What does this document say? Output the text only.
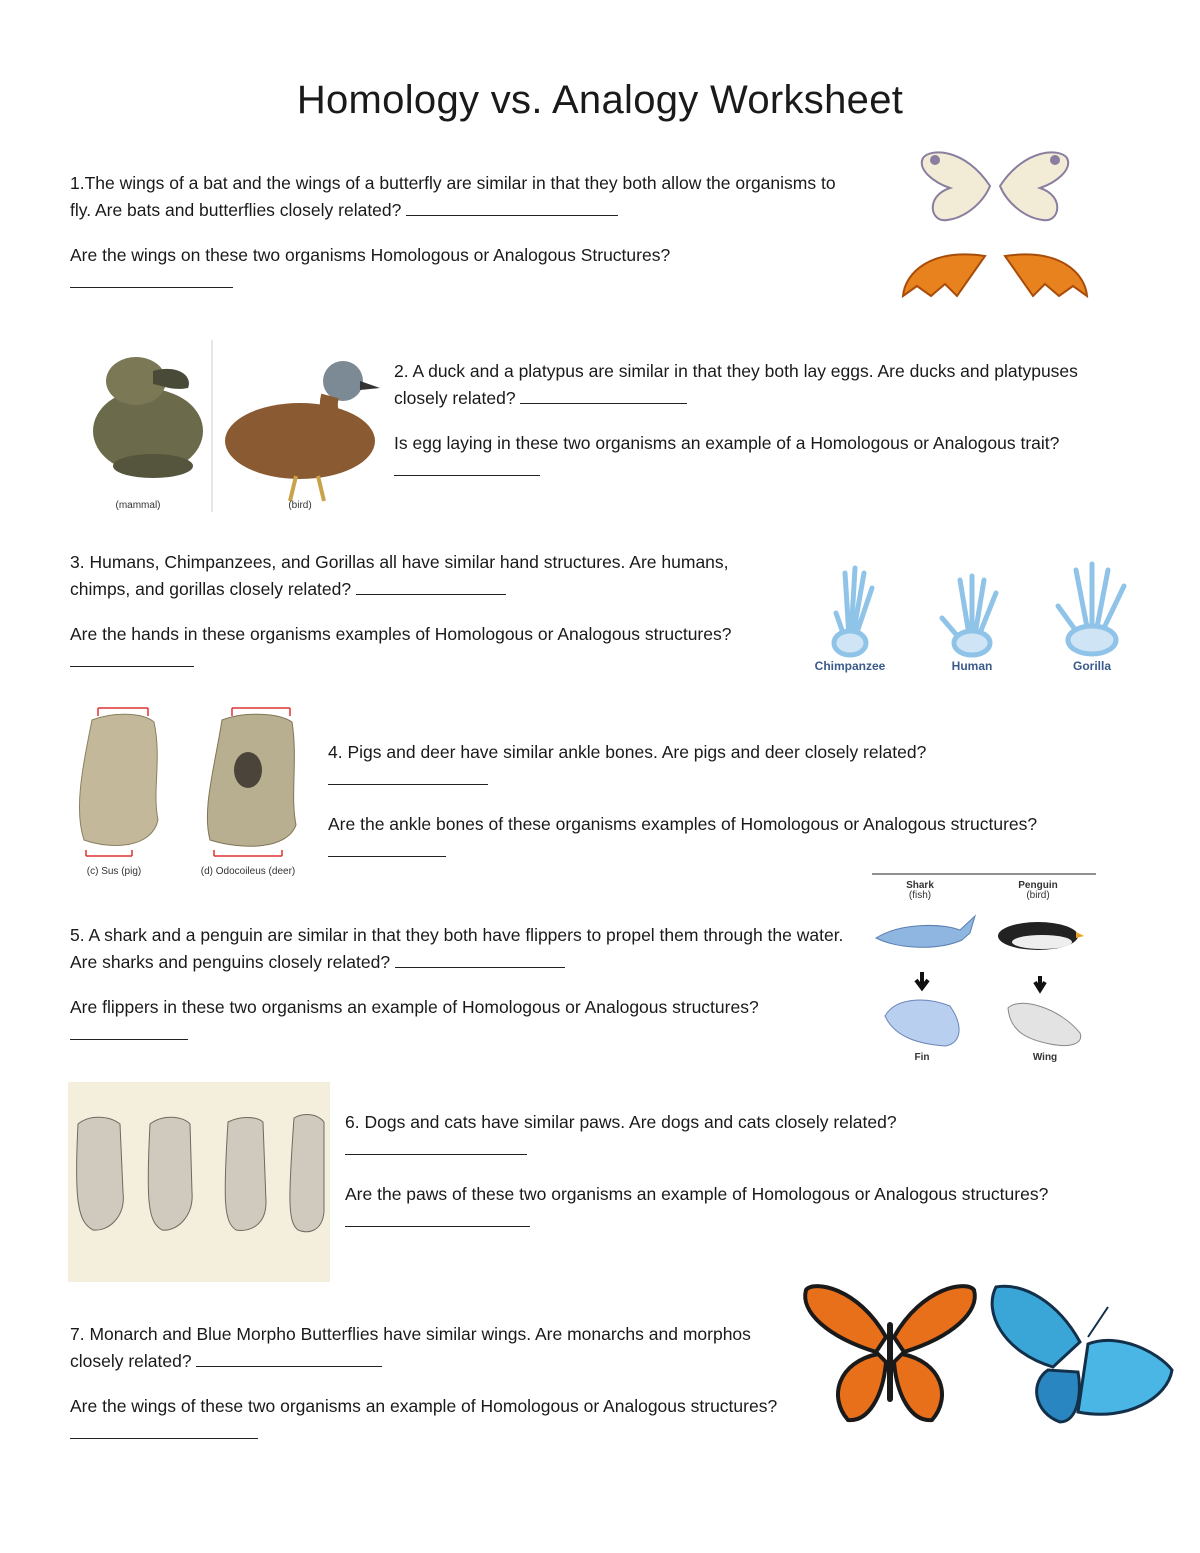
Homology vs. Analogy Worksheet

1.The wings of a bat and the wings of a butterfly are similar in that they both allow the organisms to fly. Are bats and butterflies closely related?

Are the wings on these two organisms Homologous or Analogous Structures?

(mammal)	(bird)

2. A duck and a platypus are similar in that they both lay eggs. Are ducks and platypuses closely related?

Is egg laying in these two organisms an example of a Homologous or Analogous trait?

3. Humans, Chimpanzees, and Gorillas all have similar hand structures. Are humans, chimps, and gorillas closely related?

Are the hands in these organisms examples of Homologous or Analogous structures?

Chimpanzee	Human	Gorilla
(c) Sus (pig)	(d) Odocoileus (deer)

4. Pigs and deer have similar ankle bones. Are pigs and deer closely related?

Are the ankle bones of these organisms examples of Homologous or Analogous structures?

5. A shark and a penguin are similar in that they both have flippers to propel them through the water. Are sharks and penguins closely related?

Are flippers in these two organisms an example of Homologous or Analogous structures?

Shark
(fish)
Penguin
(bird)
Fin	Wing

6. Dogs and cats have similar paws. Are dogs and cats closely related?

Are the paws of these two organisms an example of Homologous or Analogous structures?

7. Monarch and Blue Morpho Butterflies have similar wings. Are monarchs and morphos closely related?

Are the wings of these two organisms an example of Homologous or Analogous structures?
